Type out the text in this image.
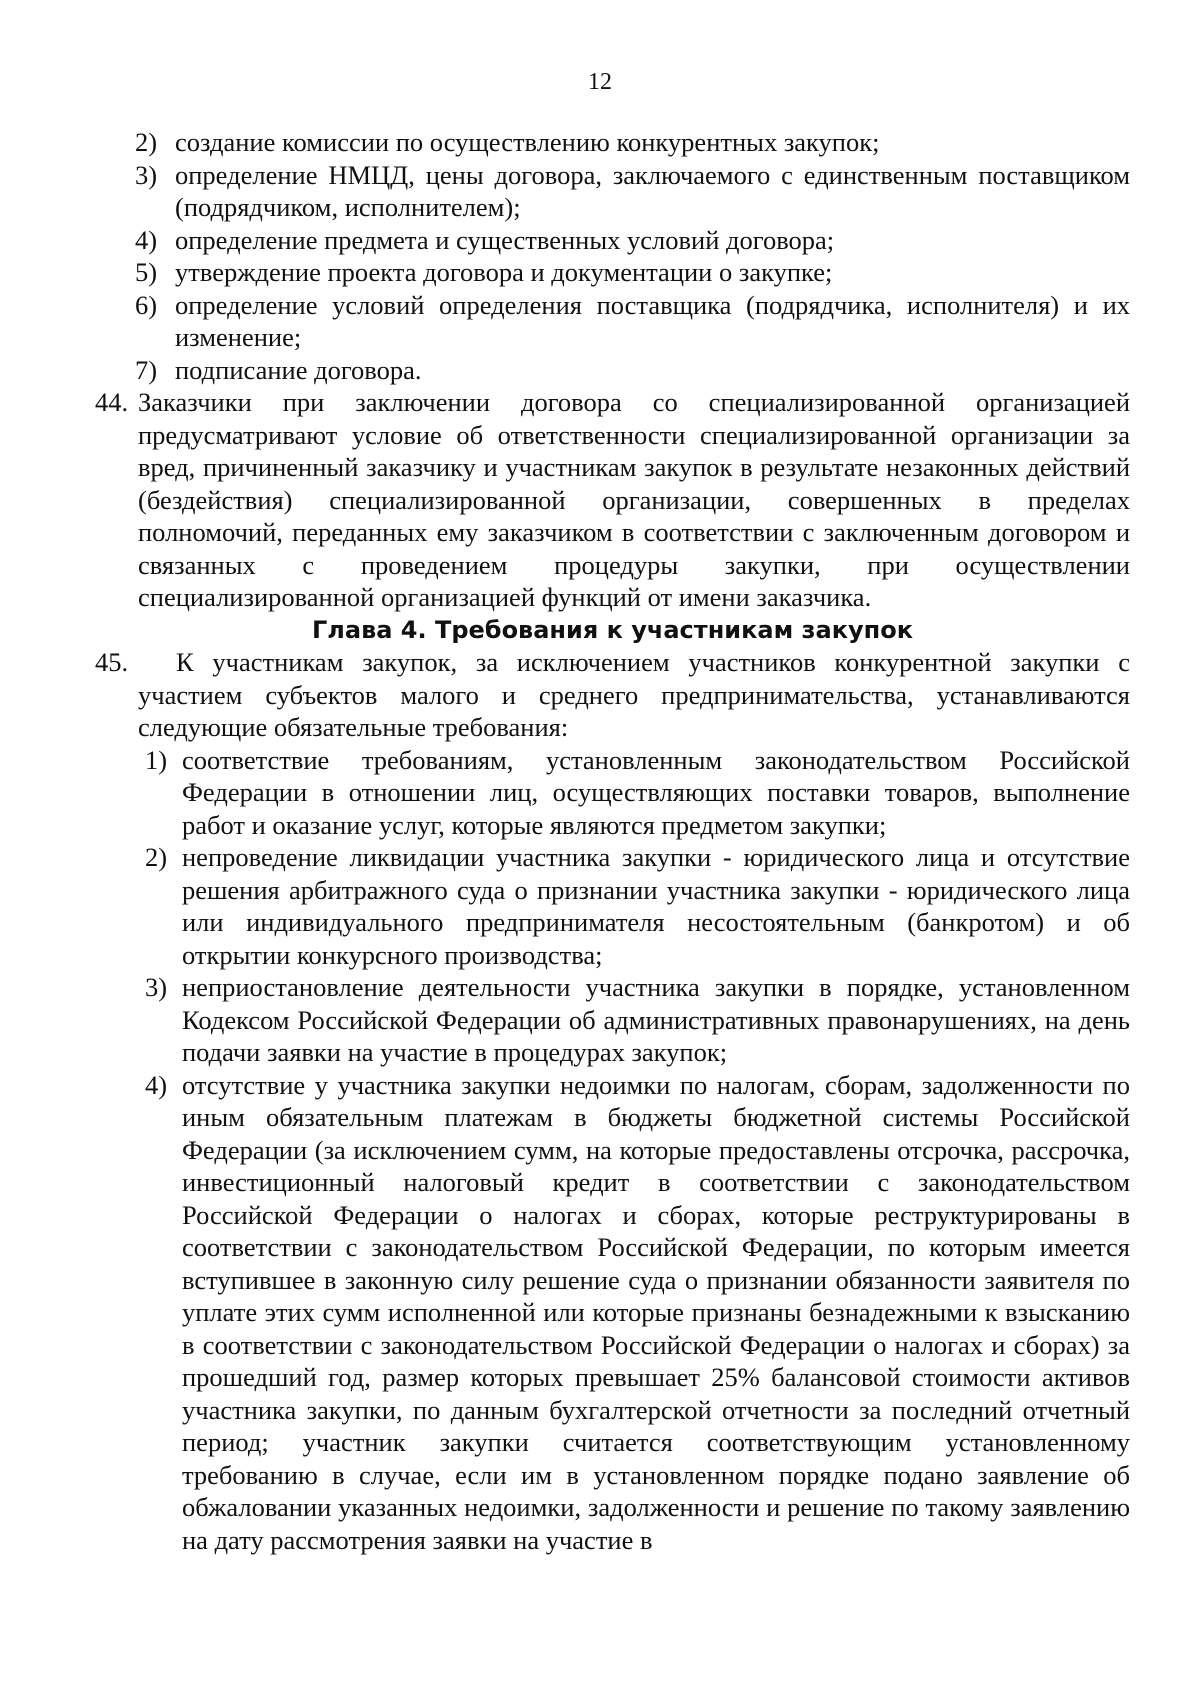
12
2) создание комиссии по осуществлению конкурентных закупок;
3) определение НМЦД, цены договора, заключаемого с единственным поставщиком (подрядчиком, исполнителем);
4) определение предмета и существенных условий договора;
5) утверждение проекта договора и документации о закупке;
6) определение условий определения поставщика (подрядчика, исполнителя) и их изменение;
7) подписание договора.
44. Заказчики при заключении договора со специализированной организацией предусматривают условие об ответственности специализированной организации за вред, причиненный заказчику и участникам закупок в результате незаконных действий (бездействия) специализированной организации, совершенных в пределах полномочий, переданных ему заказчиком в соответствии с заключенным договором и связанных с проведением процедуры закупки, при осуществлении специализированной организацией функций от имени заказчика.
Глава 4. Требования к участникам закупок
45.	К участникам закупок, за исключением участников конкурентной закупки с участием субъектов малого и среднего предпринимательства, устанавливаются следующие обязательные требования:
1) соответствие требованиям, установленным законодательством Российской Федерации в отношении лиц, осуществляющих поставки товаров, выполнение работ и оказание услуг, которые являются предметом закупки;
2) непроведение ликвидации участника закупки - юридического лица и отсутствие решения арбитражного суда о признании участника закупки - юридического лица или индивидуального предпринимателя несостоятельным (банкротом) и об открытии конкурсного производства;
3) неприостановление деятельности участника закупки в порядке, установленном Кодексом Российской Федерации об административных правонарушениях, на день подачи заявки на участие в процедурах закупок;
4) отсутствие у участника закупки недоимки по налогам, сборам, задолженности по иным обязательным платежам в бюджеты бюджетной системы Российской Федерации (за исключением сумм, на которые предоставлены отсрочка, рассрочка, инвестиционный налоговый кредит в соответствии с законодательством Российской Федерации о налогах и сборах, которые реструктурированы в соответствии с законодательством Российской Федерации, по которым имеется вступившее в законную силу решение суда о признании обязанности заявителя по уплате этих сумм исполненной или которые признаны безнадежными к взысканию в соответствии с законодательством Российской Федерации о налогах и сборах) за прошедший год, размер которых превышает 25% балансовой стоимости активов участника закупки, по данным бухгалтерской отчетности за последний отчетный период; участник закупки считается соответствующим установленному требованию в случае, если им в установленном порядке подано заявление об обжаловании указанных недоимки, задолженности и решение по такому заявлению на дату рассмотрения заявки на участие в
